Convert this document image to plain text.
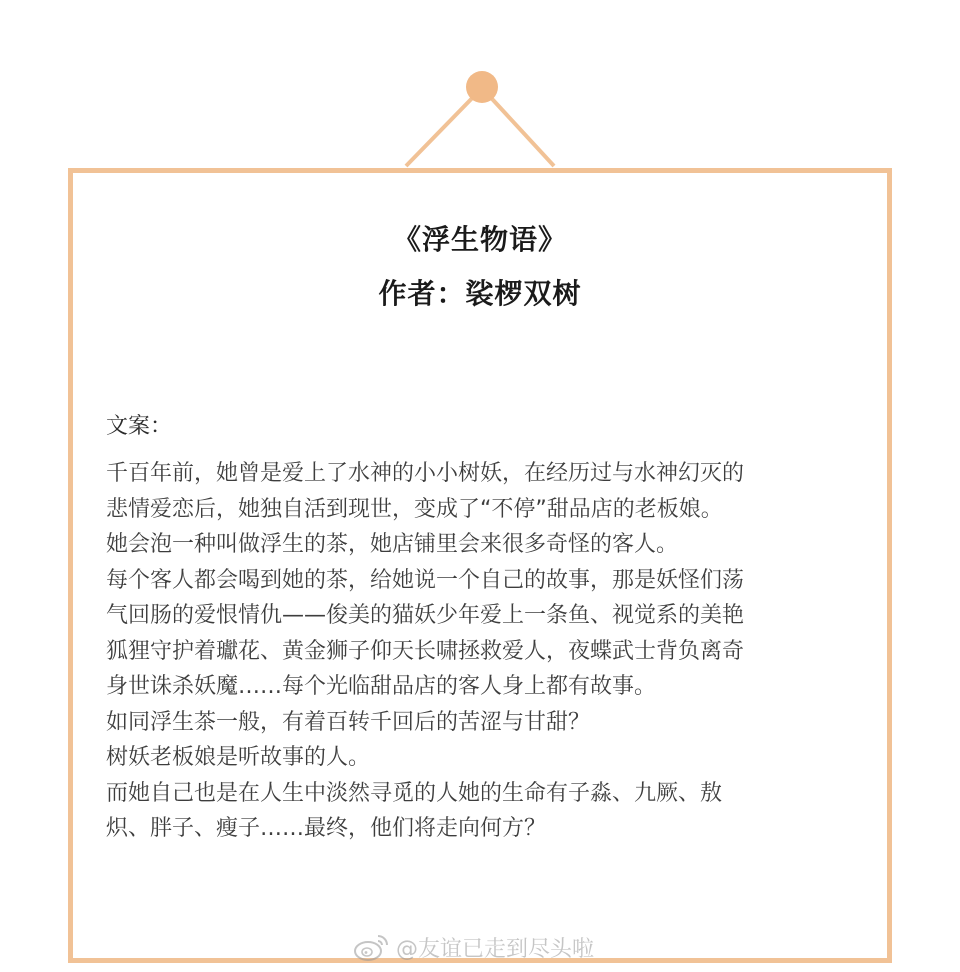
《浮生物语》
作者：裟椤双树
文案：
千百年前，她曾是爱上了水神的小小树妖，在经历过与水神幻灭的
悲情爱恋后，她独自活到现世，变成了“不停”甜品店的老板娘。
她会泡一种叫做浮生的茶，她店铺里会来很多奇怪的客人。
每个客人都会喝到她的茶，给她说一个自己的故事，那是妖怪们荡
气回肠的爱恨情仇——俊美的猫妖少年爱上一条鱼、视觉系的美艳
狐狸守护着瓛花、黄金狮子仰天长啸拯救爱人，夜蝶武士背负离奇
身世诛杀妖魔……每个光临甜品店的客人身上都有故事。
如同浮生茶一般，有着百转千回后的苦涩与甘甜？
树妖老板娘是听故事的人。
而她自己也是在人生中淡然寻觅的人她的生命有子淼、九厥、敖
炽、胖子、瘦子……最终，他们将走向何方？
@友谊已走到尽头啦
